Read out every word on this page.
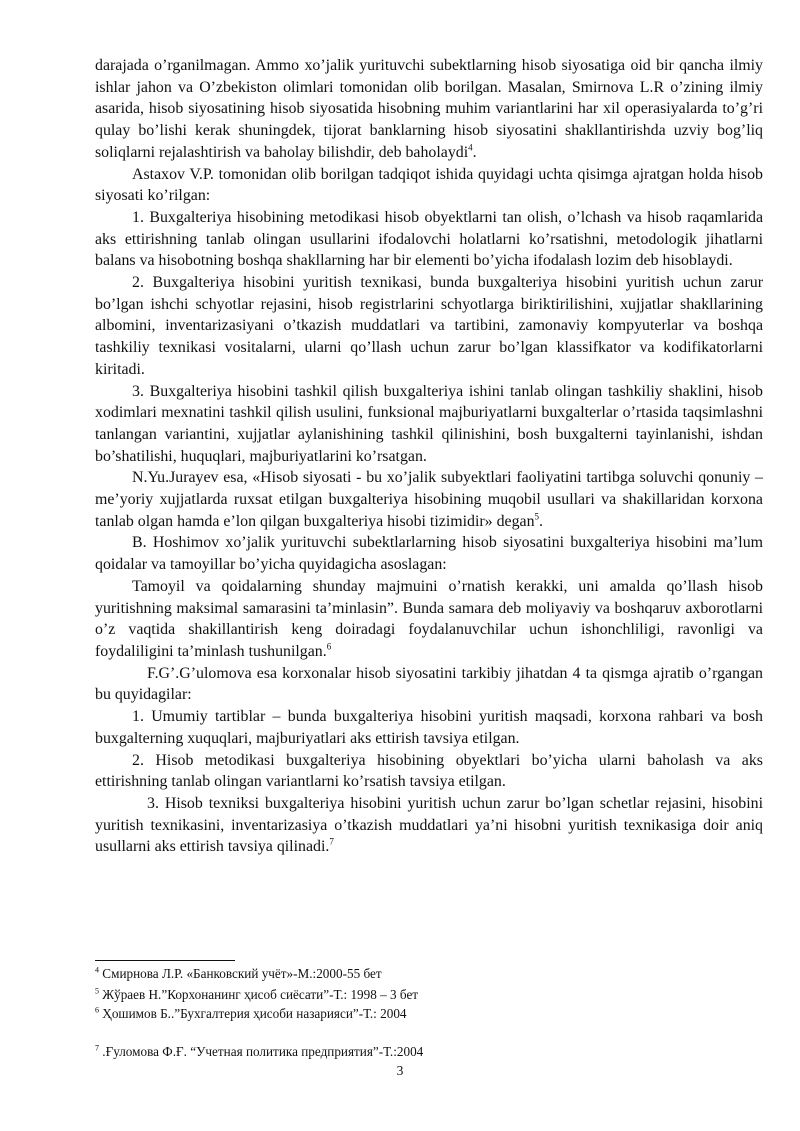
darajada o’rganilmagan. Ammo xo’jalik yurituvchi subektlarning hisob siyosatiga oid bir qancha ilmiy ishlar jahon va O’zbekiston olimlari tomonidan olib borilgan. Masalan, Smirnova L.R o’zining ilmiy asarida, hisob siyosatining hisob siyosatida hisobning muhim variantlarini har xil operasiyalarda to’g’ri qulay bo’lishi kerak shuningdek, tijorat banklarning hisob siyosatini shakllantirishda uzviy bog’liq soliqlarni rejalashtirish va baholay bilishdir, deb baholaydi$^4$.

Astaxov V.P. tomonidan olib borilgan tadqiqot ishida quyidagi uchta qisimga ajratgan holda hisob siyosati ko’rilgan:

1. Buxgalteriya hisobining metodikasi hisob obyektlarni tan olish, o’lchash va hisob raqamlarida aks ettirishning tanlab olingan usullarini ifodalovchi holatlarni ko’rsatishni, metodologik jihatlarni balans va hisobotning boshqa shakllarning har bir elementi bo’yicha ifodalash lozim deb hisoblaydi.

2. Buxgalteriya hisobini yuritish texnikasi, bunda buxgalteriya hisobini yuritish uchun zarur bo’lgan ishchi schyotlar rejasini, hisob registrlarini schyotlarga biriktirilishini, xujjatlar shakllarining albomini, inventarizasiyani o’tkazish muddatlari va tartibini, zamonaviy kompyuterlar va boshqa tashkiliy texnikasi vositalarni, ularni qo’llash uchun zarur bo’lgan klassifkator va kodifikatorlarni kiritadi.

3. Buxgalteriya hisobini tashkil qilish buxgalteriya ishini tanlab olingan tashkiliy shaklini, hisob xodimlari mexnatini tashkil qilish usulini, funksional majburiyatlarni buxgalterlar o’rtasida taqsimlashni tanlangan variantini, xujjatlar aylanishining tashkil qilinishini, bosh buxgalterni tayinlanishi, ishdan bo’shatilishi, huquqlari, majburiyatlarini ko’rsatgan.

N.Yu.Jurayev esa, «Hisob siyosati - bu xo’jalik subyektlari faoliyatini tartibga soluvchi qonuniy – me’yoriy xujjatlarda ruxsat etilgan buxgalteriya hisobining muqobil usullari va shakillaridan korxona tanlab olgan hamda e’lon qilgan buxgalteriya hisobi tizimidir» degan$^5$.

B. Hoshimov xo’jalik yurituvchi subektlarlarning hisob siyosatini buxgalteriya hisobini ma’lum qoidalar va tamoyillar bo’yicha quyidagicha asoslagan:

Tamoyil va qoidalarning shunday majmuini o’rnatish kerakki, uni amalda qo’llash hisob yuritishning maksimal samarasini ta’minlasin”. Bunda samara deb moliyaviy va boshqaruv axborotlarni o’z vaqtida shakillantirish keng doiradagi foydalanuvchilar uchun ishonchliligi, ravonligi va foydaliligini ta’minlash tushunilgan.$^6$

F.G’.G’ulomova esa korxonalar hisob siyosatini tarkibiy jihatdan 4 ta qismga ajratib o’rgangan bu quyidagilar:

1. Umumiy tartiblar – bunda buxgalteriya hisobini yuritish maqsadi, korxona rahbari va bosh buxgalterning xuquqlari, majburiyatlari aks ettirish tavsiya etilgan.

2. Hisob metodikasi buxgalteriya hisobining obyektlari bo’yicha ularni baholash va aks ettirishning tanlab olingan variantlarni ko’rsatish tavsiya etilgan.

3. Hisob texniksi buxgalteriya hisobini yuritish uchun zarur bo’lgan schetlar rejasini, hisobini yuritish texnikasini, inventarizasiya o’tkazish muddatlari ya’ni hisobni yuritish texnikasiga doir aniq usullarni aks ettirish tavsiya qilinadi.$^7$

$^4$ Смирнова Л.Р. «Банковский учёт»-М.:2000-55 бет
$^5$ Жўраев Н.”Корхонанинг ҳисоб сиёсати”-Т.: 1998 – 3 бет
$^6$ Ҳошимов Б..”Бухгалтерия ҳисоби назарияси”-Т.: 2004
$^7$ .Ғуломова Ф.Ғ. “Учетная политика предприятия”-Т.:2004
3
